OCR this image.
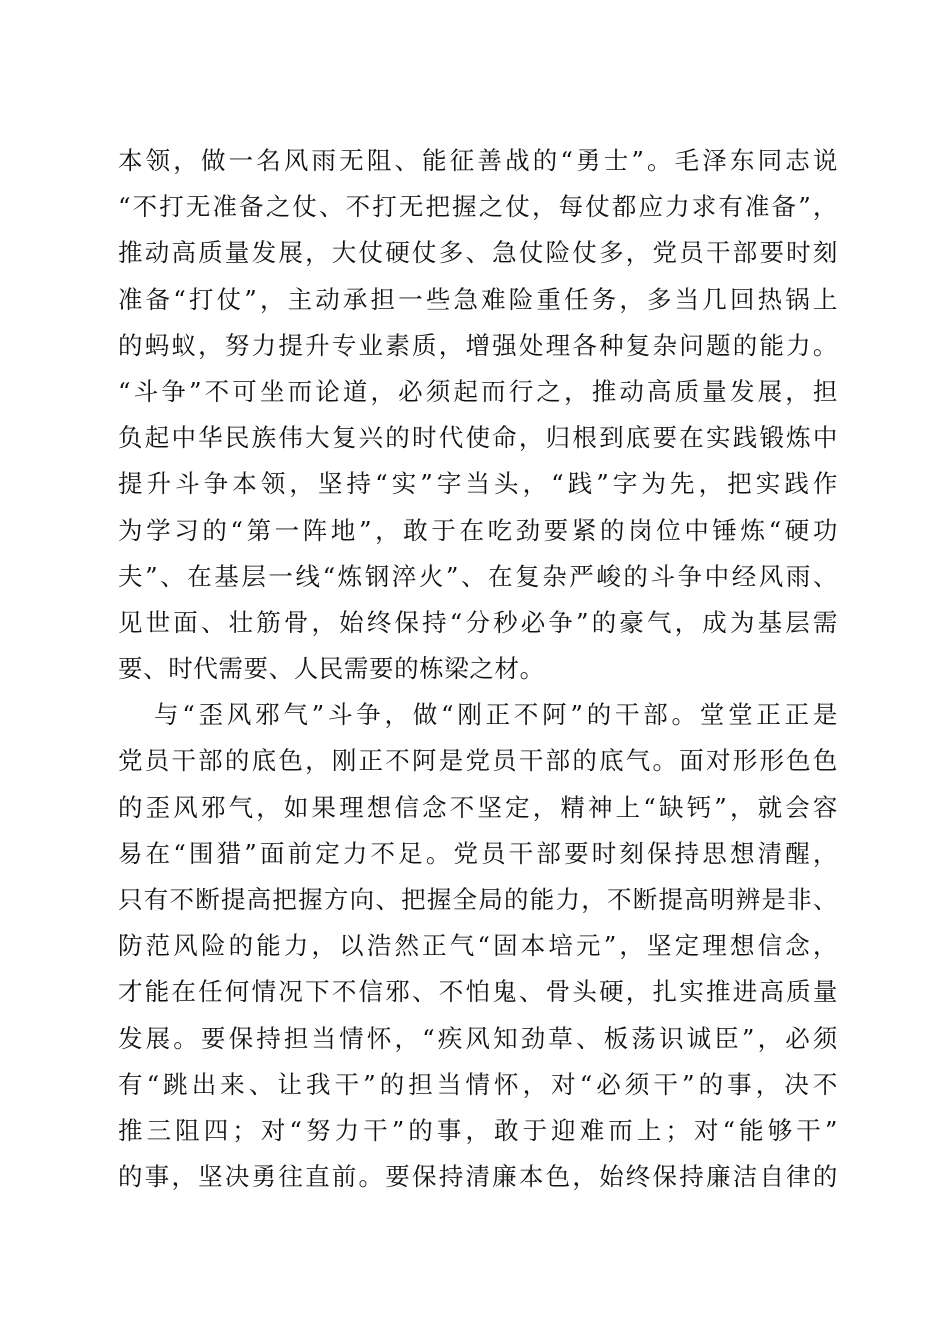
本领，做一名风雨无阻、能征善战的“勇士”。毛泽东同志说
“不打无准备之仗、不打无把握之仗，每仗都应力求有准备”，
推动高质量发展，大仗硬仗多、急仗险仗多，党员干部要时刻
准备“打仗”，主动承担一些急难险重任务，多当几回热锅上
的蚂蚁，努力提升专业素质，增强处理各种复杂问题的能力。
“斗争”不可坐而论道，必须起而行之，推动高质量发展，担
负起中华民族伟大复兴的时代使命，归根到底要在实践锻炼中
提升斗争本领，坚持“实”字当头，“践”字为先，把实践作
为学习的“第一阵地”，敢于在吃劲要紧的岗位中锤炼“硬功
夫”、在基层一线“炼钢淬火”、在复杂严峻的斗争中经风雨、
见世面、壮筋骨，始终保持“分秒必争”的豪气，成为基层需
要、时代需要、人民需要的栋梁之材。
与“歪风邪气”斗争，做“刚正不阿”的干部。堂堂正正是
党员干部的底色，刚正不阿是党员干部的底气。面对形形色色
的歪风邪气，如果理想信念不坚定，精神上“缺钙”，就会容
易在“围猎”面前定力不足。党员干部要时刻保持思想清醒，
只有不断提高把握方向、把握全局的能力，不断提高明辨是非、
防范风险的能力，以浩然正气“固本培元”，坚定理想信念，
才能在任何情况下不信邪、不怕鬼、骨头硬，扎实推进高质量
发展。要保持担当情怀，“疾风知劲草、板荡识诚臣”，必须
有“跳出来、让我干”的担当情怀，对“必须干”的事，决不
推三阻四；对“努力干”的事，敢于迎难而上；对“能够干”
的事，坚决勇往直前。要保持清廉本色，始终保持廉洁自律的
